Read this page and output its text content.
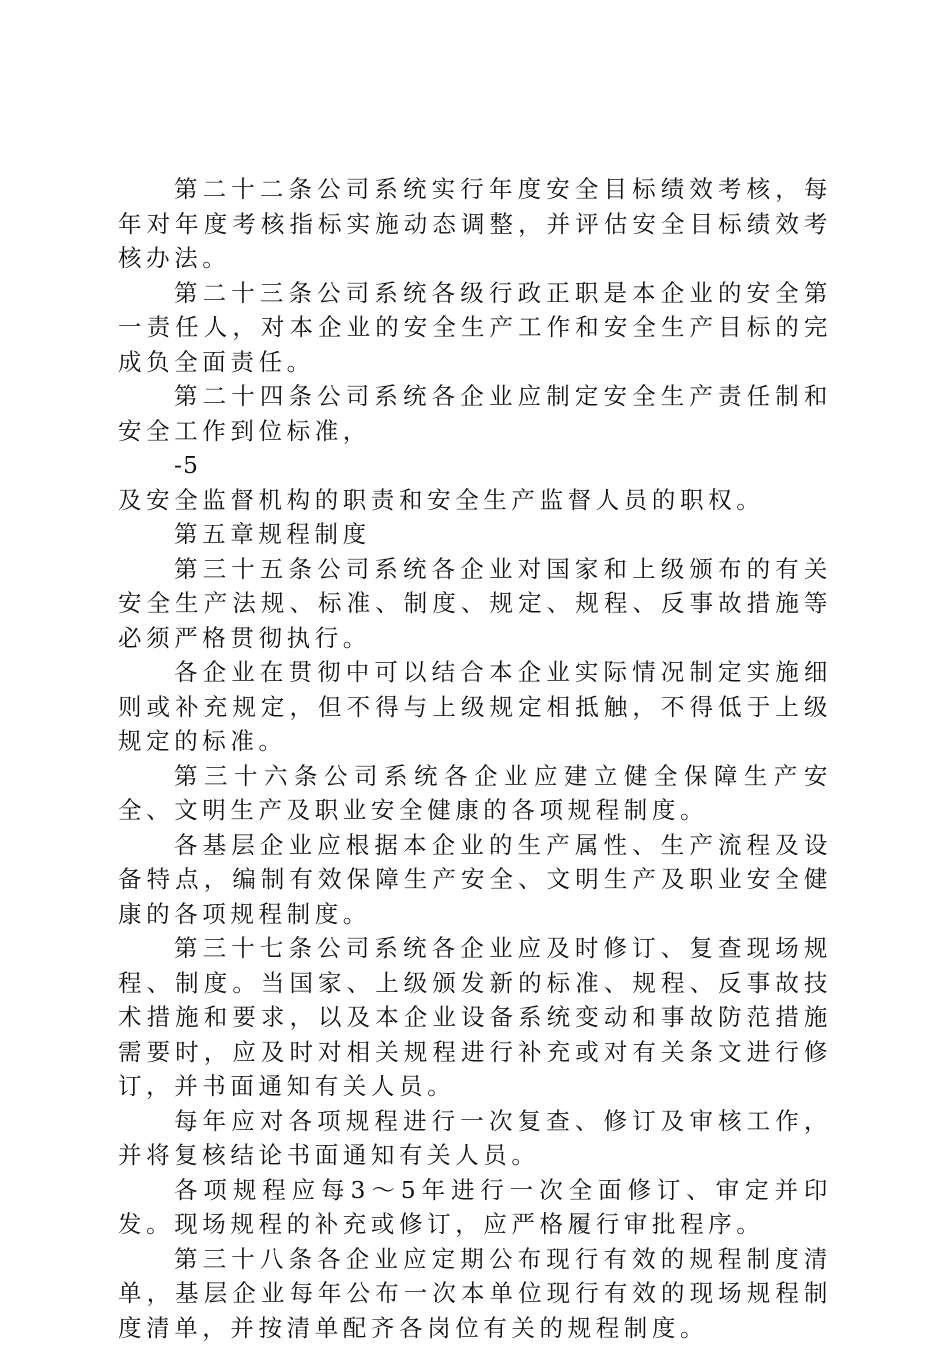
第二十二条公司系统实行年度安全目标绩效考核，每年对年度考核指标实施动态调整，并评估安全目标绩效考核办法。

第二十三条公司系统各级行政正职是本企业的安全第一责任人，对本企业的安全生产工作和安全生产目标的完成负全面责任。

第二十四条公司系统各企业应制定安全生产责任制和安全工作到位标准，

-5

及安全监督机构的职责和安全生产监督人员的职权。

第五章规程制度

第三十五条公司系统各企业对国家和上级颁布的有关安全生产法规、标准、制度、规定、规程、反事故措施等必须严格贯彻执行。

各企业在贯彻中可以结合本企业实际情况制定实施细则或补充规定，但不得与上级规定相抵触，不得低于上级规定的标准。

第三十六条公司系统各企业应建立健全保障生产安全、文明生产及职业安全健康的各项规程制度。

各基层企业应根据本企业的生产属性、生产流程及设备特点，编制有效保障生产安全、文明生产及职业安全健康的各项规程制度。

第三十七条公司系统各企业应及时修订、复查现场规程、制度。当国家、上级颁发新的标准、规程、反事故技术措施和要求，以及本企业设备系统变动和事故防范措施需要时，应及时对相关规程进行补充或对有关条文进行修订，并书面通知有关人员。

每年应对各项规程进行一次复查、修订及审核工作，并将复核结论书面通知有关人员。

各项规程应每3～5年进行一次全面修订、审定并印发。现场规程的补充或修订，应严格履行审批程序。

第三十八条各企业应定期公布现行有效的规程制度清单，基层企业每年公布一次本单位现行有效的现场规程制度清单，并按清单配齐各岗位有关的规程制度。
